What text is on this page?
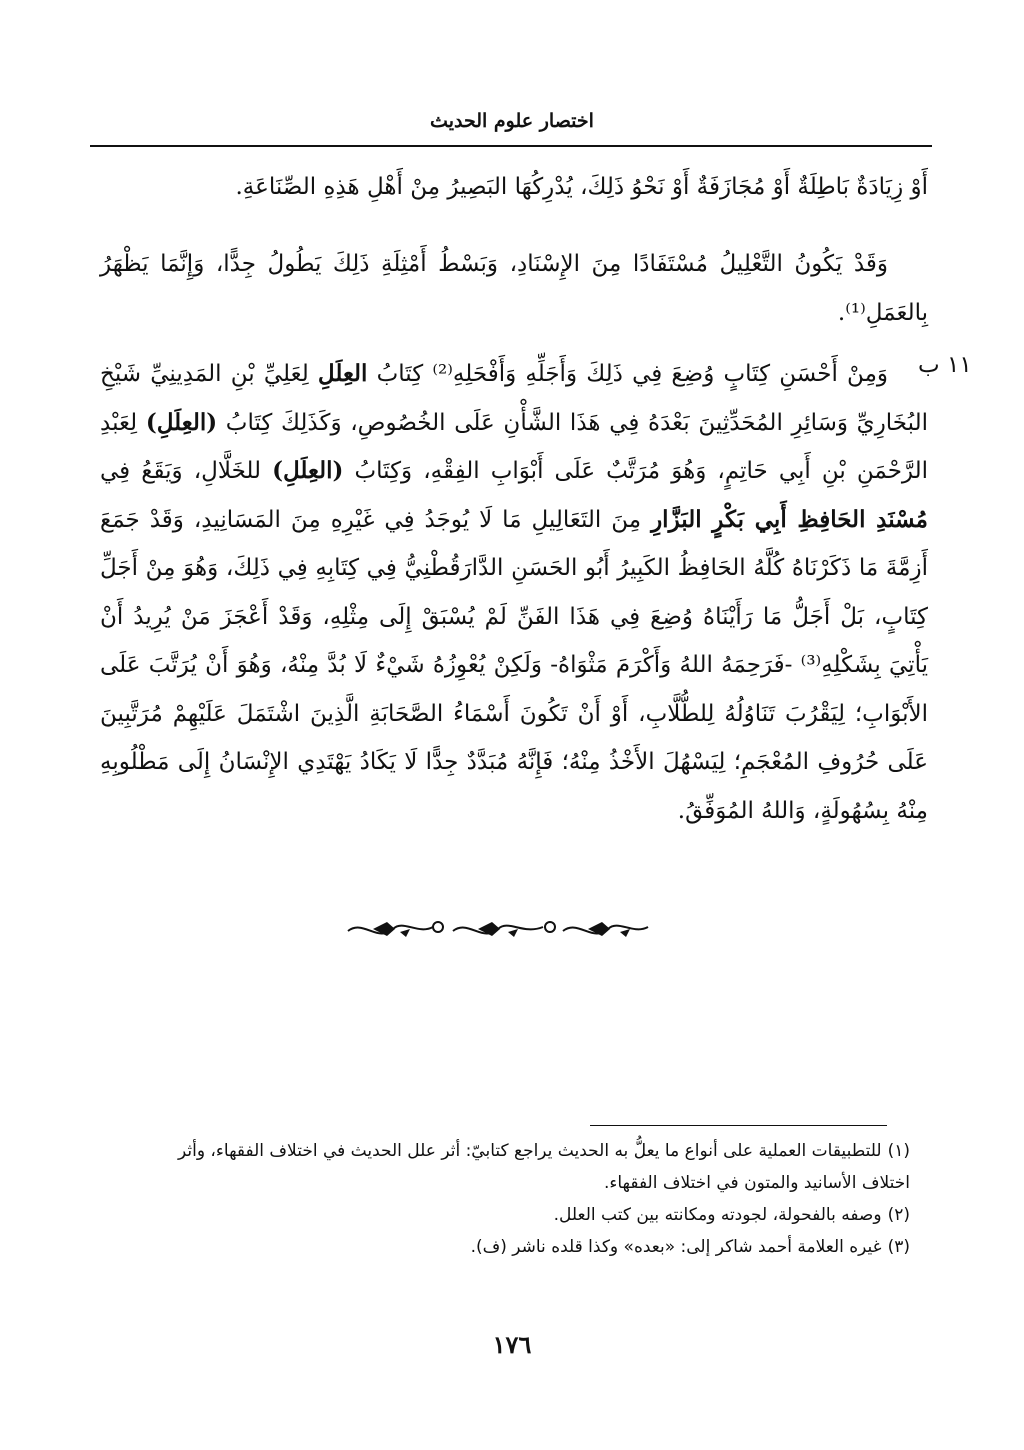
اختصار علوم الحديث
أَوْ زِيَادَةٌ بَاطِلَةٌ أَوْ مُجَازَفَةٌ أَوْ نَحْوُ ذَلِكَ، يُدْرِكُهَا البَصِيرُ مِنْ أَهْلِ هَذِهِ الصِّنَاعَةِ.
وَقَدْ يَكُونُ التَّعْلِيلُ مُسْتَفَادًا مِنَ الإِسْنَادِ، وَبَسْطُ أَمْثِلَةِ ذَلِكَ يَطُولُ جِدًّا، وَإِنَّمَا يَظْهَرُ بِالعَمَلِ⁽¹⁾.
١١ ب
وَمِنْ أَحْسَنِ كِتَابٍ وُضِعَ فِي ذَلِكَ وَأَجَلِّهِ وَأَفْحَلِهِ⁽²⁾ كِتَابُ العِلَلِ لِعَلِيِّ بْنِ المَدِينِيِّ شَيْخِ البُخَارِيِّ وَسَائِرِ المُحَدِّثِينَ بَعْدَهُ فِي هَذَا الشَّأْنِ عَلَى الخُصُوصِ، وَكَذَلِكَ كِتَابُ (العِلَلِ) لِعَبْدِ الرَّحْمَنِ بْنِ أَبِي حَاتِمٍ، وَهُوَ مُرَتَّبٌ عَلَى أَبْوَابِ الفِقْهِ، وَكِتَابُ (العِلَلِ) للخَلَّالِ، وَيَقَعُ فِي مُسْنَدِ الحَافِظِ أَبِي بَكْرٍ البَزَّارِ مِنَ التَعَالِيلِ مَا لَا يُوجَدُ فِي غَيْرِهِ مِنَ المَسَانِيدِ، وَقَدْ جَمَعَ أَزِمَّةَ مَا ذَكَرْنَاهُ كُلَّهُ الحَافِظُ الكَبِيرُ أَبُو الحَسَنِ الدَّارَقُطْنِيُّ فِي كِتَابِهِ فِي ذَلِكَ، وَهُوَ مِنْ أَجَلِّ كِتَابٍ، بَلْ أَجَلُّ مَا رَأَيْنَاهُ وُضِعَ فِي هَذَا الفَنِّ لَمْ يُسْبَقْ إِلَى مِثْلِهِ، وَقَدْ أَعْجَزَ مَنْ يُرِيدُ أَنْ يَأْتِيَ بِشَكْلِهِ⁽³⁾ -فَرَحِمَهُ اللهُ وَأَكْرَمَ مَثْوَاهُ- وَلَكِنْ يُعْوِزُهُ شَيْءٌ لَا بُدَّ مِنْهُ، وَهُوَ أَنْ يُرَتَّبَ عَلَى الأَبْوَابِ؛ لِيَقْرُبَ تَنَاوُلُهُ لِلطُّلَّابِ، أَوْ أَنْ تَكُونَ أَسْمَاءُ الصَّحَابَةِ الَّذِينَ اشْتَمَلَ عَلَيْهِمْ مُرَتَّبِينَ عَلَى حُرُوفِ المُعْجَمِ؛ لِيَسْهُلَ الأَخْذُ مِنْهُ؛ فَإِنَّهُ مُبَدَّدٌ جِدًّا لَا يَكَادُ يَهْتَدِي الإِنْسَانُ إِلَى مَطْلُوبِهِ مِنْهُ بِسُهُولَةٍ، وَاللهُ المُوَفِّقُ.

(١)للتطبيقات العملية على أنواع ما يعلُّ به الحديث يراجع كتابيّ: أثر علل الحديث في اختلاف الفقهاء، وأثر اختلاف الأسانيد والمتون في اختلاف الفقهاء.

(٢)وصفه بالفحولة، لجودته ومكانته بين كتب العلل.

(٣)غيره العلامة أحمد شاكر إلى: «بعده» وكذا قلده ناشر (ف).

١٧٦
